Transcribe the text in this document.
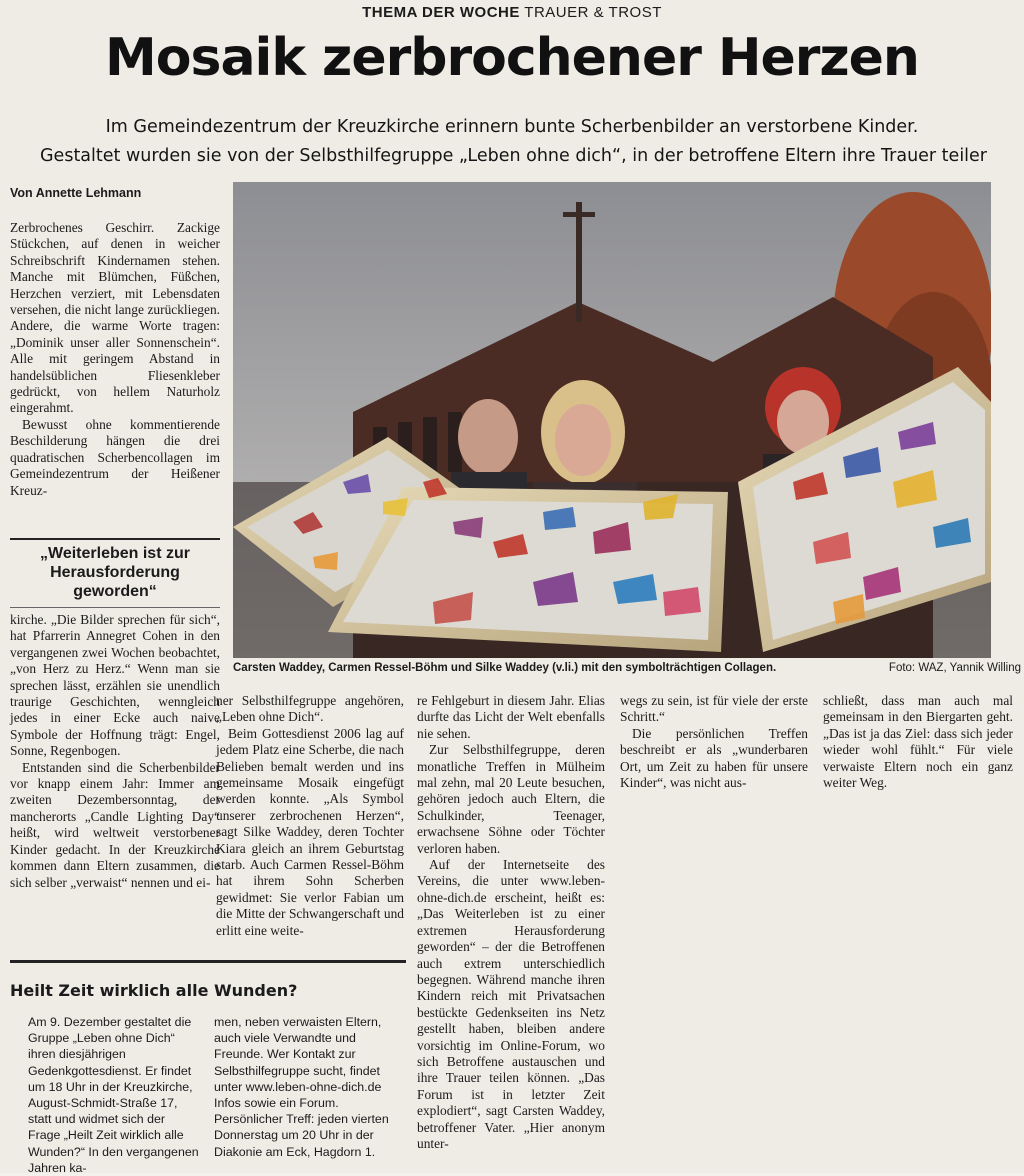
THEMA DER WOCHE TRAUER & TROST
Mosaik zerbrochener Herzen
Im Gemeindezentrum der Kreuzkirche erinnern bunte Scherbenbilder an verstorbene Kinder.
Gestaltet wurden sie von der Selbsthilfegruppe „Leben ohne dich“, in der betroffene Eltern ihre Trauer teiler
Von Annette Lehmann

Zerbrochenes Geschirr. Zackige Stückchen, auf denen in weicher Schreibschrift Kindernamen stehen. Manche mit Blümchen, Füßchen, Herzchen verziert, mit Lebensdaten versehen, die nicht lange zurückliegen. Andere, die warme Worte tragen: „Dominik unser aller Sonnenschein“. Alle mit geringem Abstand in handelsüblichen Fliesenkleber gedrückt, von hellem Naturholz eingerahmt.

Bewusst ohne kommentierende Beschilderung hängen die drei quadratischen Scherbencollagen im Gemeindezentrum der Heißener Kreuz-

„Weiterleben ist zur Herausforderung geworden“

kirche. „Die Bilder sprechen für sich“, hat Pfarrerin Annegret Cohen in den vergangenen zwei Wochen beobachtet, „von Herz zu Herz.“ Wenn man sie sprechen lässt, erzählen sie unendlich traurige Geschichten, wenngleich jedes in einer Ecke auch naive Symbole der Hoffnung trägt: Engel, Sonne, Regenbogen.

Entstanden sind die Scherbenbilder vor knapp einem Jahr: Immer am zweiten Dezembersonntag, der mancherorts „Candle Lighting Day“ heißt, wird weltweit verstorbener Kinder gedacht. In der Kreuzkirche kommen dann Eltern zusammen, die sich selber „verwaist“ nennen und ei-

Carsten Waddey, Carmen Ressel-Böhm und Silke Waddey (v.li.) mit den symbolträchtigen Collagen.	Foto: WAZ, Yannik Willing

ner Selbsthilfegruppe angehören, „Leben ohne Dich“.

Beim Gottesdienst 2006 lag auf jedem Platz eine Scherbe, die nach Belieben bemalt werden und ins gemeinsame Mosaik eingefügt werden konnte. „Als Symbol unserer zerbrochenen Herzen“, sagt Silke Waddey, deren Tochter Kiara gleich an ihrem Geburtstag starb. Auch Carmen Ressel-Böhm hat ihrem Sohn Scherben gewidmet: Sie verlor Fabian um die Mitte der Schwangerschaft und erlitt eine weite-

re Fehlgeburt in diesem Jahr. Elias durfte das Licht der Welt ebenfalls nie sehen.

Zur Selbsthilfegruppe, deren monatliche Treffen in Mülheim mal zehn, mal 20 Leute besuchen, gehören jedoch auch Eltern, die Schulkinder, Teenager, erwachsene Söhne oder Töchter verloren haben.

Auf der Internetseite des Vereins, die unter www.leben-ohne-dich.de erscheint, heißt es: „Das Weiterleben ist zu einer extremen Herausforderung geworden“ – der die Betroffenen auch extrem unterschiedlich begegnen. Während manche ihren Kindern reich mit Privatsachen bestückte Gedenkseiten ins Netz gestellt haben, bleiben andere vorsichtig im Online-Forum, wo sich Betroffene austauschen und ihre Trauer teilen können. „Das Forum ist in letzter Zeit explodiert“, sagt Carsten Waddey, betroffener Vater. „Hier anonym unter-

wegs zu sein, ist für viele der erste Schritt.“

Die persönlichen Treffen beschreibt er als „wunderbaren Ort, um Zeit zu haben für unsere Kinder“, was nicht aus-

schließt, dass man auch mal gemeinsam in den Biergarten geht. „Das ist ja das Ziel: dass sich jeder wieder wohl fühlt.“ Für viele verwaiste Eltern noch ein ganz weiter Weg.

Heilt Zeit wirklich alle Wunden?

Am 9. Dezember gestaltet die Gruppe „Leben ohne Dich“ ihren diesjährigen Gedenkgottesdienst. Er findet um 18 Uhr in der Kreuzkirche, August-Schmidt-Straße 17, statt und widmet sich der Frage „Heilt Zeit wirklich alle Wunden?“ In den vergangenen Jahren ka-

men, neben verwaisten Eltern, auch viele Verwandte und Freunde. Wer Kontakt zur Selbsthilfegruppe sucht, findet unter www.leben-ohne-dich.de Infos sowie ein Forum. Persönlicher Treff: jeden vierten Donnerstag um 20 Uhr in der Diakonie am Eck, Hagdorn 1.
